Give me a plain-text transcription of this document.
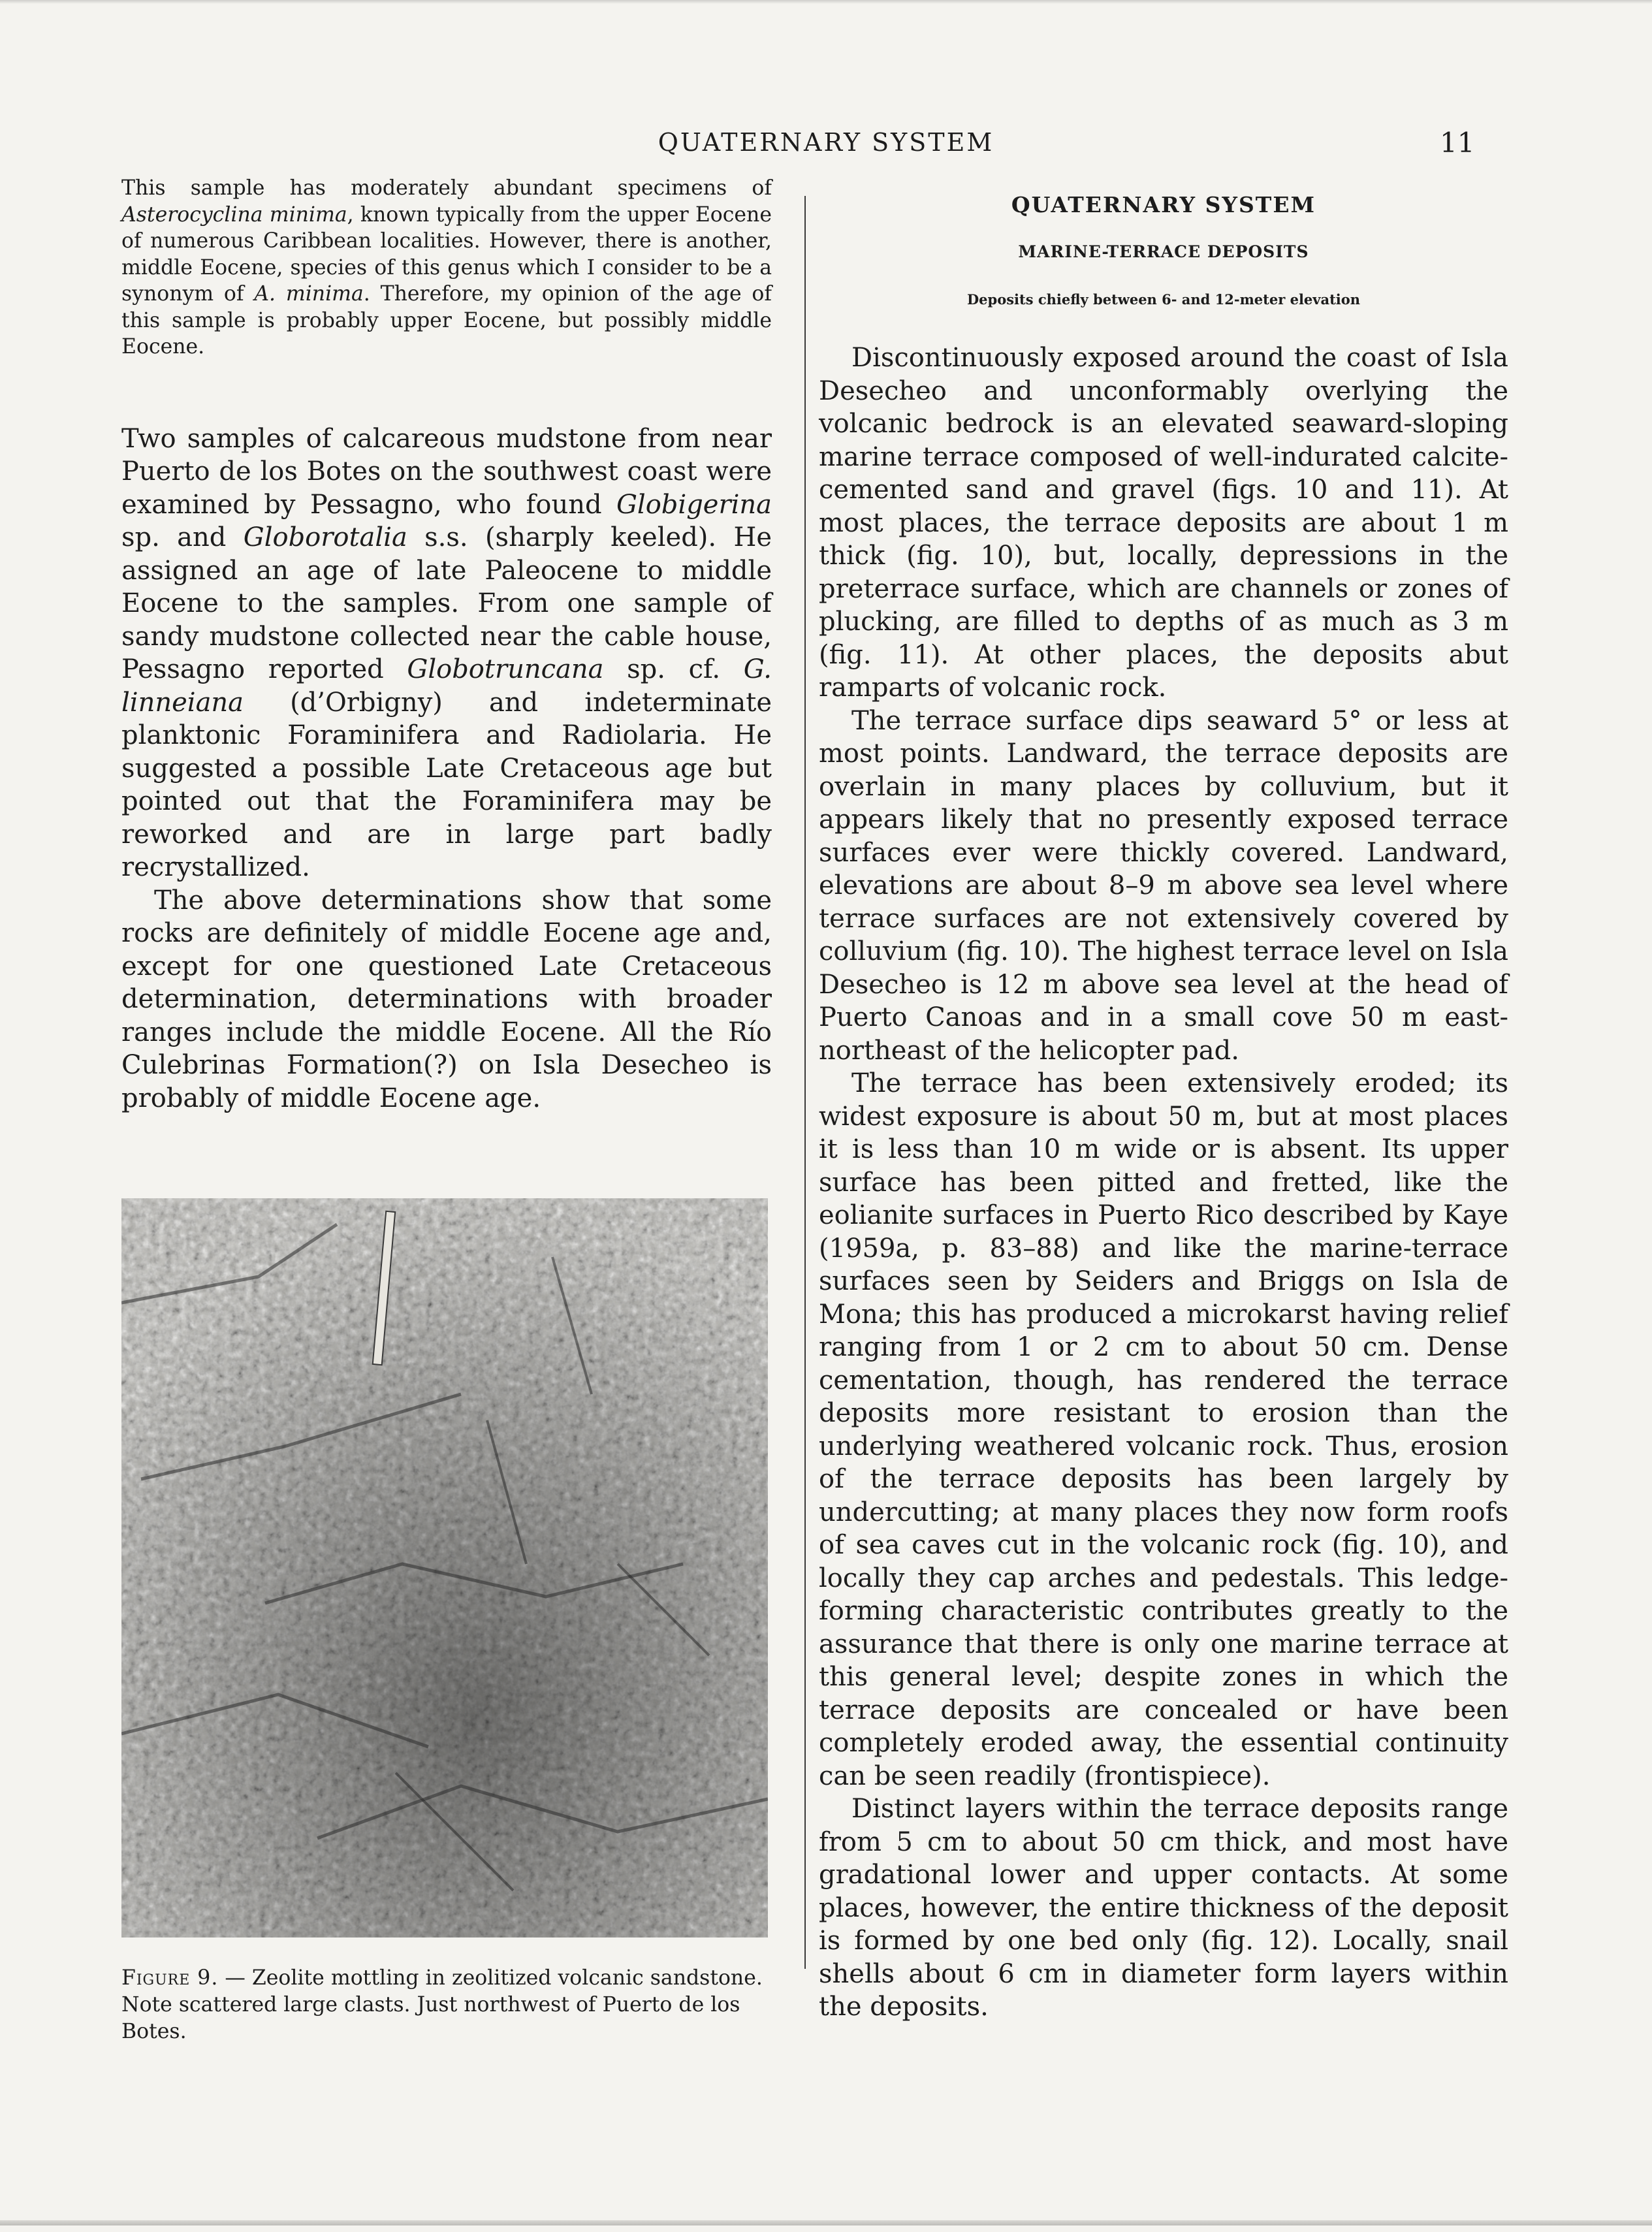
QUATERNARY SYSTEM	11

This sample has moderately abundant specimens of Asterocyclina minima, known typically from the upper Eocene of numerous Caribbean localities. However, there is another, middle Eocene, species of this genus which I consider to be a synonym of A. minima. Therefore, my opinion of the age of this sample is probably upper Eocene, but possibly middle Eocene.

Two samples of calcareous mudstone from near Puerto de los Botes on the southwest coast were examined by Pessagno, who found Globigerina sp. and Globorotalia s.s. (sharply keeled). He assigned an age of late Paleocene to middle Eocene to the samples. From one sample of sandy mudstone collected near the cable house, Pessagno reported Globotruncana sp. cf. G. linneiana (d’Orbigny) and indeterminate planktonic Foraminifera and Radiolaria. He suggested a possible Late Cretaceous age but pointed out that the Foraminifera may be reworked and are in large part badly recrystallized.

The above determinations show that some rocks are definitely of middle Eocene age and, except for one questioned Late Cretaceous determination, determinations with broader ranges include the middle Eocene. All the Río Culebrinas Formation(?) on Isla Desecheo is probably of middle Eocene age.

Figure 9. — Zeolite mottling in zeolitized volcanic sandstone. Note scattered large clasts. Just northwest of Puerto de los Botes.

QUATERNARY SYSTEM
MARINE-TERRACE DEPOSITS
Deposits chiefly between 6- and 12-meter elevation

Discontinuously exposed around the coast of Isla Desecheo and unconformably overlying the volcanic bedrock is an elevated seaward-sloping marine terrace composed of well-indurated calcite-cemented sand and gravel (figs. 10 and 11). At most places, the terrace deposits are about 1 m thick (fig. 10), but, locally, depressions in the preterrace surface, which are channels or zones of plucking, are filled to depths of as much as 3 m (fig. 11). At other places, the deposits abut ramparts of volcanic rock.

The terrace surface dips seaward 5° or less at most points. Landward, the terrace deposits are overlain in many places by colluvium, but it appears likely that no presently exposed terrace surfaces ever were thickly covered. Landward, elevations are about 8–9 m above sea level where terrace surfaces are not extensively covered by colluvium (fig. 10). The highest terrace level on Isla Desecheo is 12 m above sea level at the head of Puerto Canoas and in a small cove 50 m east-northeast of the helicopter pad.

The terrace has been extensively eroded; its widest exposure is about 50 m, but at most places it is less than 10 m wide or is absent. Its upper surface has been pitted and fretted, like the eolianite surfaces in Puerto Rico described by Kaye (1959a, p. 83–88) and like the marine-terrace surfaces seen by Seiders and Briggs on Isla de Mona; this has produced a microkarst having relief ranging from 1 or 2 cm to about 50 cm. Dense cementation, though, has rendered the terrace deposits more resistant to erosion than the underlying weathered volcanic rock. Thus, erosion of the terrace deposits has been largely by undercutting; at many places they now form roofs of sea caves cut in the volcanic rock (fig. 10), and locally they cap arches and pedestals. This ledge-forming characteristic contributes greatly to the assurance that there is only one marine terrace at this general level; despite zones in which the terrace deposits are concealed or have been completely eroded away, the essential continuity can be seen readily (frontispiece).

Distinct layers within the terrace deposits range from 5 cm to about 50 cm thick, and most have gradational lower and upper contacts. At some places, however, the entire thickness of the deposit is formed by one bed only (fig. 12). Locally, snail shells about 6 cm in diameter form layers within the deposits.
